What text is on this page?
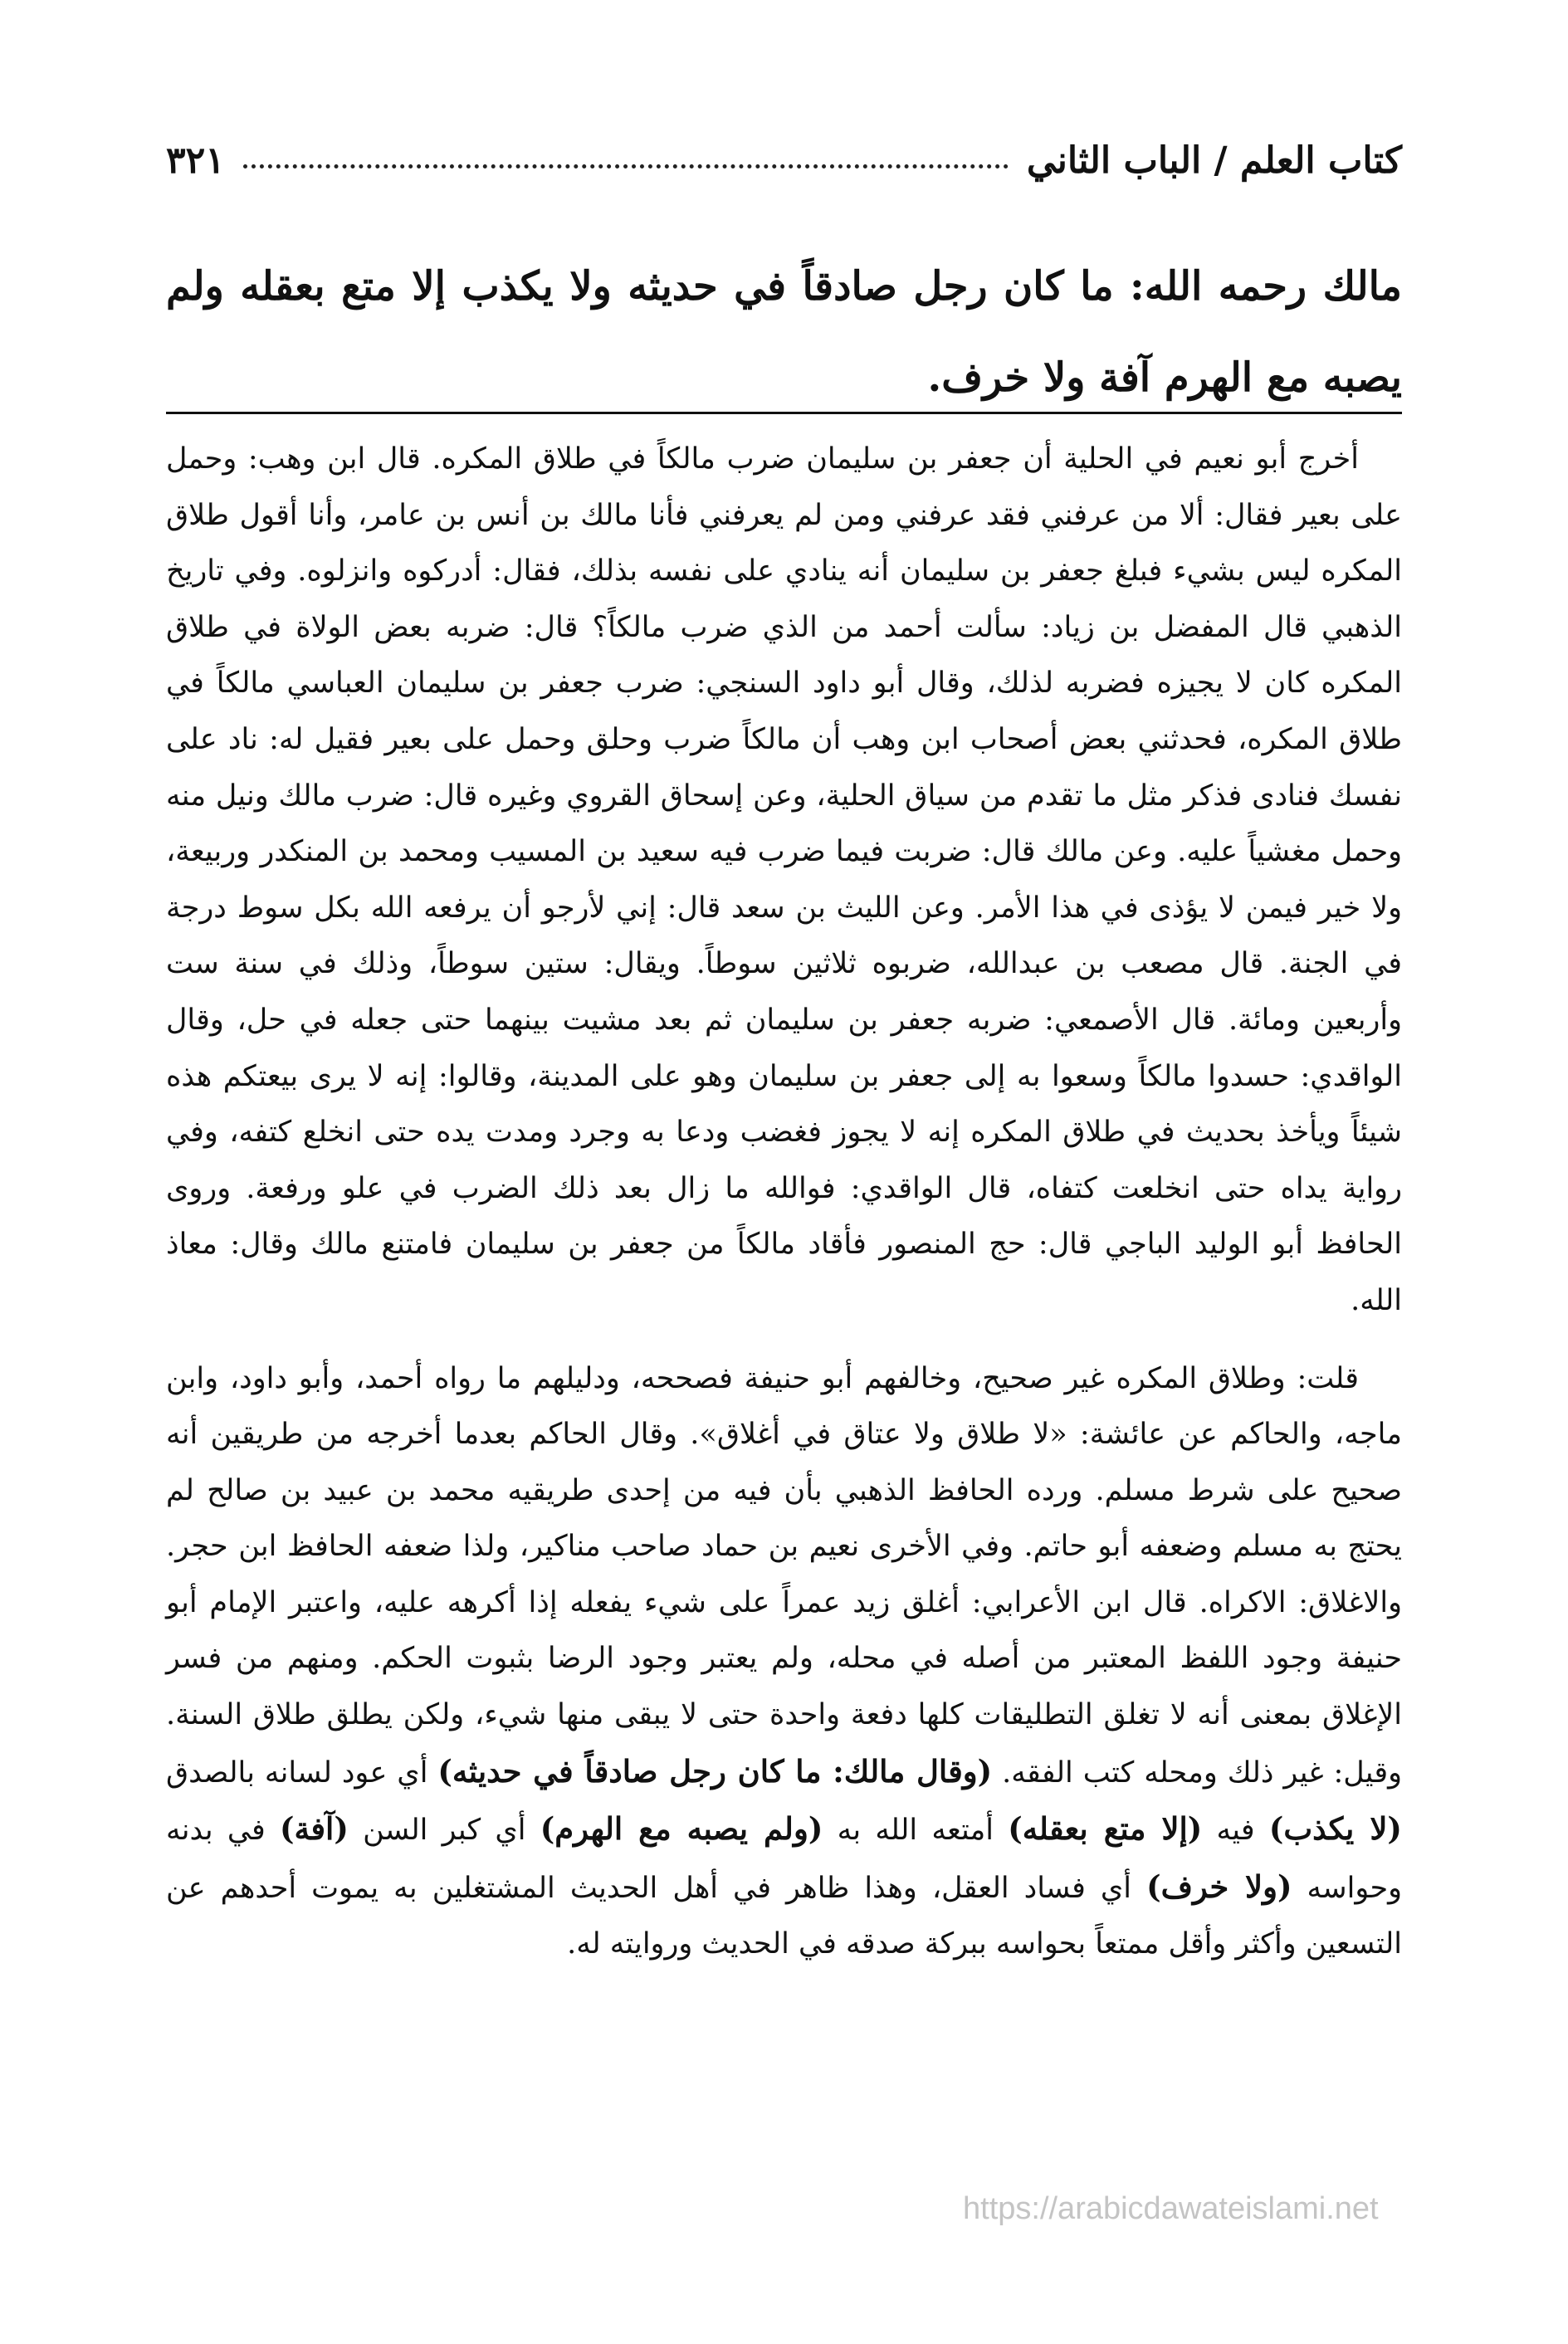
كتاب العلم / الباب الثاني
٣٢١

مالك رحمه الله: ما كان رجل صادقاً في حديثه ولا يكذب إلا متع بعقله ولم يصبه مع الهرم آفة ولا خرف.

أخرج أبو نعيم في الحلية أن جعفر بن سليمان ضرب مالكاً في طلاق المكره. قال ابن وهب: وحمل على بعير فقال: ألا من عرفني فقد عرفني ومن لم يعرفني فأنا مالك بن أنس بن عامر، وأنا أقول طلاق المكره ليس بشيء فبلغ جعفر بن سليمان أنه ينادي على نفسه بذلك، فقال: أدركوه وانزلوه. وفي تاريخ الذهبي قال المفضل بن زياد: سألت أحمد من الذي ضرب مالكاً؟ قال: ضربه بعض الولاة في طلاق المكره كان لا يجيزه فضربه لذلك، وقال أبو داود السنجي: ضرب جعفر بن سليمان العباسي مالكاً في طلاق المكره، فحدثني بعض أصحاب ابن وهب أن مالكاً ضرب وحلق وحمل على بعير فقيل له: ناد على نفسك فنادى فذكر مثل ما تقدم من سياق الحلية، وعن إسحاق القروي وغيره قال: ضرب مالك ونيل منه وحمل مغشياً عليه. وعن مالك قال: ضربت فيما ضرب فيه سعيد بن المسيب ومحمد بن المنكدر وربيعة، ولا خير فيمن لا يؤذى في هذا الأمر. وعن الليث بن سعد قال: إني لأرجو أن يرفعه الله بكل سوط درجة في الجنة. قال مصعب بن عبدالله، ضربوه ثلاثين سوطاً. ويقال: ستين سوطاً، وذلك في سنة ست وأربعين ومائة. قال الأصمعي: ضربه جعفر بن سليمان ثم بعد مشيت بينهما حتى جعله في حل، وقال الواقدي: حسدوا مالكاً وسعوا به إلى جعفر بن سليمان وهو على المدينة، وقالوا: إنه لا يرى بيعتكم هذه شيئاً ويأخذ بحديث في طلاق المكره إنه لا يجوز فغضب ودعا به وجرد ومدت يده حتى انخلع كتفه، وفي رواية يداه حتى انخلعت كتفاه، قال الواقدي: فوالله ما زال بعد ذلك الضرب في علو ورفعة. وروى الحافظ أبو الوليد الباجي قال: حج المنصور فأقاد مالكاً من جعفر بن سليمان فامتنع مالك وقال: معاذ الله.

قلت: وطلاق المكره غير صحيح، وخالفهم أبو حنيفة فصححه، ودليلهم ما رواه أحمد، وأبو داود، وابن ماجه، والحاكم عن عائشة: «لا طلاق ولا عتاق في أغلاق». وقال الحاكم بعدما أخرجه من طريقين أنه صحيح على شرط مسلم. ورده الحافظ الذهبي بأن فيه من إحدى طريقيه محمد بن عبيد بن صالح لم يحتج به مسلم وضعفه أبو حاتم. وفي الأخرى نعيم بن حماد صاحب مناكير، ولذا ضعفه الحافظ ابن حجر. والاغلاق: الاكراه. قال ابن الأعرابي: أغلق زيد عمراً على شيء يفعله إذا أكرهه عليه، واعتبر الإمام أبو حنيفة وجود اللفظ المعتبر من أصله في محله، ولم يعتبر وجود الرضا بثبوت الحكم. ومنهم من فسر الإغلاق بمعنى أنه لا تغلق التطليقات كلها دفعة واحدة حتى لا يبقى منها شيء، ولكن يطلق طلاق السنة. وقيل: غير ذلك ومحله كتب الفقه. (وقال مالك: ما كان رجل صادقاً في حديثه) أي عود لسانه بالصدق (لا يكذب) فيه (إلا متع بعقله) أمتعه الله به (ولم يصبه مع الهرم) أي كبر السن (آفة) في بدنه وحواسه (ولا خرف) أي فساد العقل، وهذا ظاهر في أهل الحديث المشتغلين به يموت أحدهم عن التسعين وأكثر وأقل ممتعاً بحواسه ببركة صدقه في الحديث وروايته له.

https://arabicdawateislami.net
